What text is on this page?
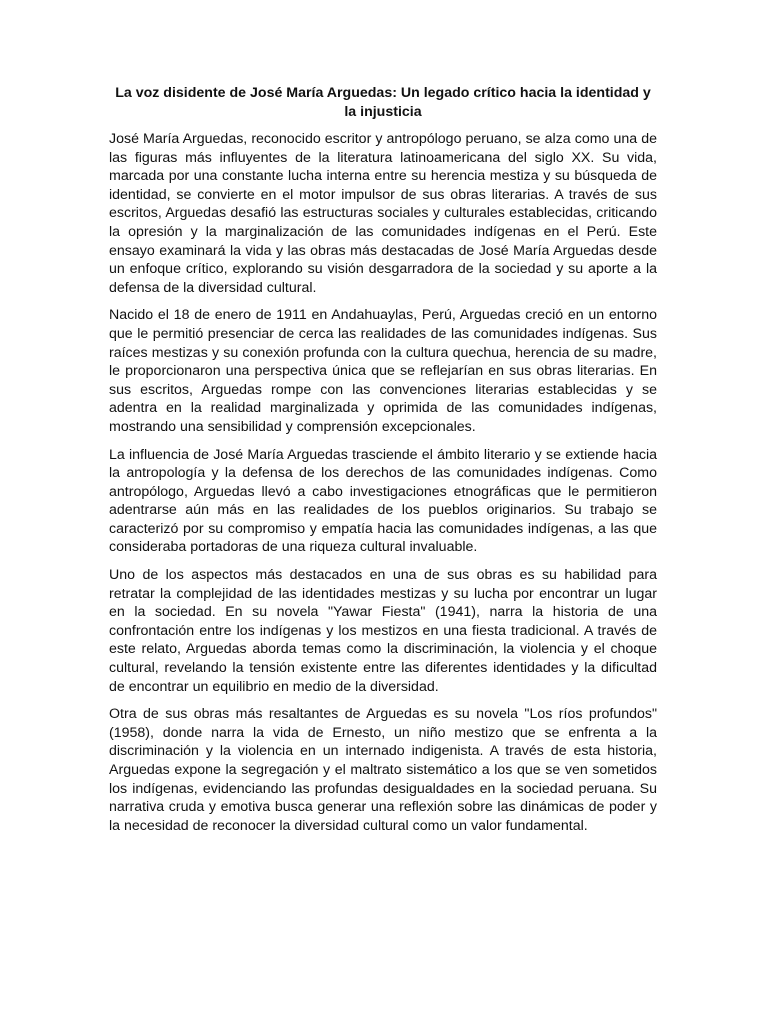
La voz disidente de José María Arguedas: Un legado crítico hacia la identidad y la injusticia

José María Arguedas, reconocido escritor y antropólogo peruano, se alza como una de las figuras más influyentes de la literatura latinoamericana del siglo XX. Su vida, marcada por una constante lucha interna entre su herencia mestiza y su búsqueda de identidad, se convierte en el motor impulsor de sus obras literarias. A través de sus escritos, Arguedas desafió las estructuras sociales y culturales establecidas, criticando la opresión y la marginalización de las comunidades indígenas en el Perú. Este ensayo examinará la vida y las obras más destacadas de José María Arguedas desde un enfoque crítico, explorando su visión desgarradora de la sociedad y su aporte a la defensa de la diversidad cultural.

Nacido el 18 de enero de 1911 en Andahuaylas, Perú, Arguedas creció en un entorno que le permitió presenciar de cerca las realidades de las comunidades indígenas. Sus raíces mestizas y su conexión profunda con la cultura quechua, herencia de su madre, le proporcionaron una perspectiva única que se reflejarían en sus obras literarias. En sus escritos, Arguedas rompe con las convenciones literarias establecidas y se adentra en la realidad marginalizada y oprimida de las comunidades indígenas, mostrando una sensibilidad y comprensión excepcionales.

La influencia de José María Arguedas trasciende el ámbito literario y se extiende hacia la antropología y la defensa de los derechos de las comunidades indígenas. Como antropólogo, Arguedas llevó a cabo investigaciones etnográficas que le permitieron adentrarse aún más en las realidades de los pueblos originarios. Su trabajo se caracterizó por su compromiso y empatía hacia las comunidades indígenas, a las que consideraba portadoras de una riqueza cultural invaluable.

Uno de los aspectos más destacados en una de sus obras es su habilidad para retratar la complejidad de las identidades mestizas y su lucha por encontrar un lugar en la sociedad. En su novela "Yawar Fiesta" (1941), narra la historia de una confrontación entre los indígenas y los mestizos en una fiesta tradicional. A través de este relato, Arguedas aborda temas como la discriminación, la violencia y el choque cultural, revelando la tensión existente entre las diferentes identidades y la dificultad de encontrar un equilibrio en medio de la diversidad.

Otra de sus obras más resaltantes de Arguedas es su novela "Los ríos profundos" (1958), donde narra la vida de Ernesto, un niño mestizo que se enfrenta a la discriminación y la violencia en un internado indigenista. A través de esta historia, Arguedas expone la segregación y el maltrato sistemático a los que se ven sometidos los indígenas, evidenciando las profundas desigualdades en la sociedad peruana. Su narrativa cruda y emotiva busca generar una reflexión sobre las dinámicas de poder y la necesidad de reconocer la diversidad cultural como un valor fundamental.
